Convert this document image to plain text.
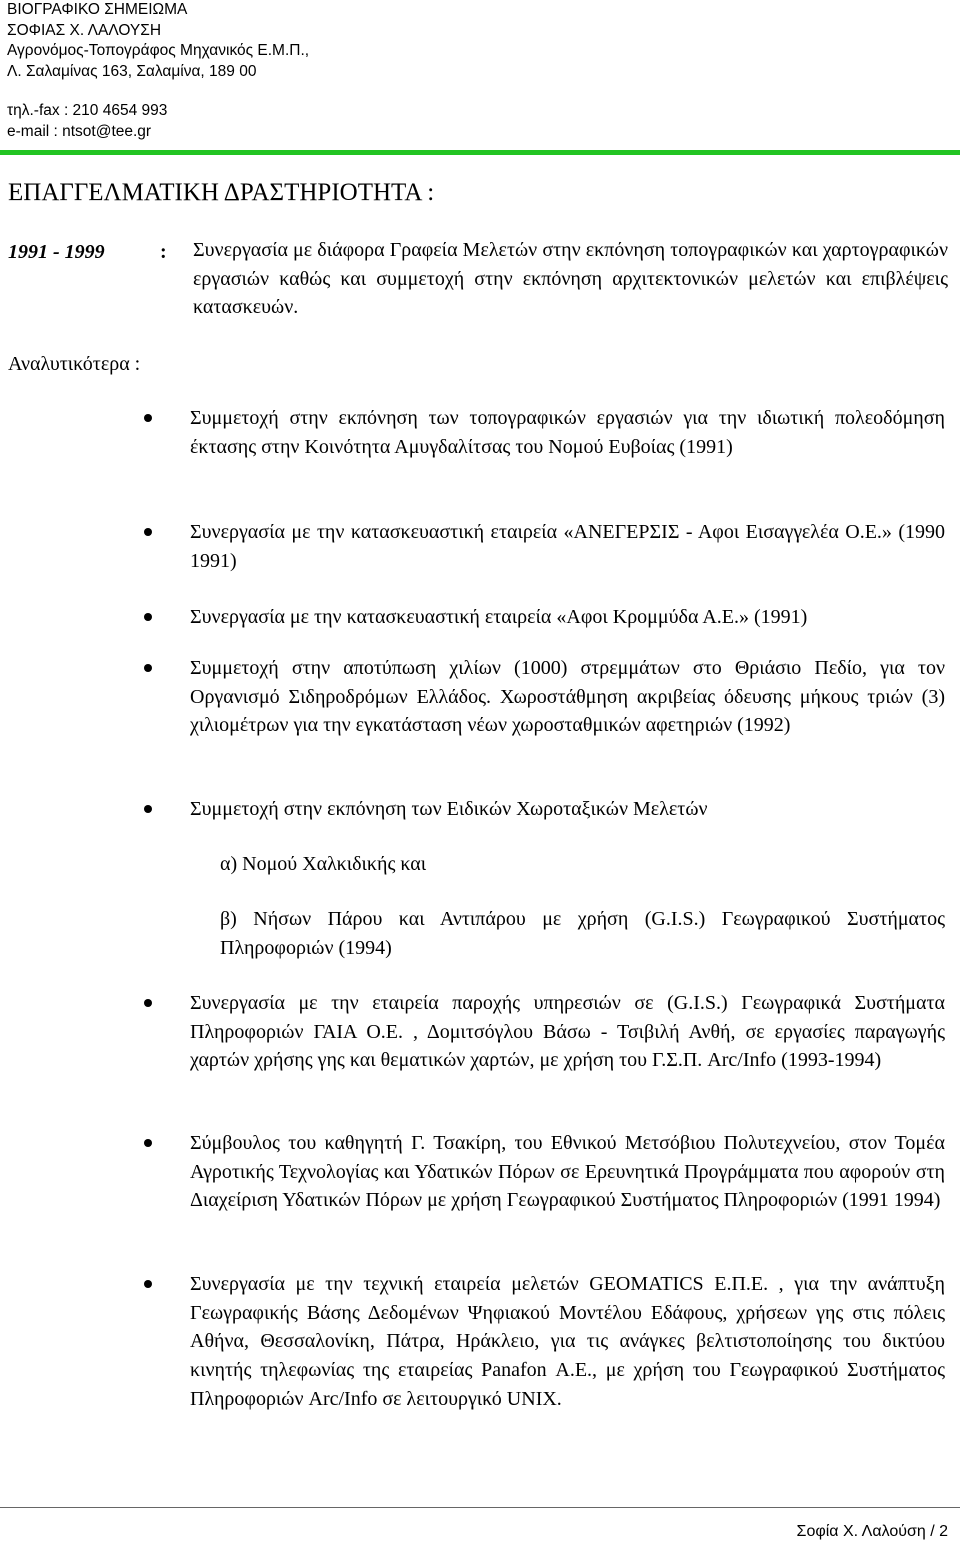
ΒΙΟΓΡΑΦΙΚΟ ΣΗΜΕΙΩΜΑ
ΣΟΦΙΑΣ Χ. ΛΑΛΟΥΣΗ
Αγρονόμος-Τοπογράφος Μηχανικός Ε.Μ.Π.,
Λ. Σαλαμίνας 163, Σαλαμίνα, 189 00
τηλ.-fax : 210 4654 993
e-mail : ntsot@tee.gr
ΕΠΑΓΓΕΛΜΑΤΙΚΗ ΔΡΑΣΤΗΡΙΟΤΗΤΑ :
1991 - 1999	: Συνεργασία με διάφορα Γραφεία Μελετών στην εκπόνηση τοπογραφικών και χαρτογραφικών εργασιών καθώς και συμμετοχή στην εκπόνηση αρχιτεκτονικών μελετών και επιβλέψεις κατασκευών.
Αναλυτικότερα :
Συμμετοχή στην εκπόνηση των τοπογραφικών εργασιών για την ιδιωτική πολεοδόμηση έκτασης στην Κοινότητα Αμυγδαλίτσας του Νομού Ευβοίας (1991)
Συνεργασία με την κατασκευαστική εταιρεία «ΑΝΕΓΕΡΣΙΣ - Αφοι Εισαγγελέα Ο.Ε.» (1990 1991)
Συνεργασία με την κατασκευαστική εταιρεία «Αφοι Κρομμύδα Α.Ε.» (1991)
Συμμετοχή στην αποτύπωση χιλίων (1000) στρεμμάτων στο Θριάσιο Πεδίο, για τον Οργανισμό Σιδηροδρόμων Ελλάδος. Χωροστάθμηση ακριβείας όδευσης μήκους τριών (3) χιλιομέτρων για την εγκατάσταση νέων χωροσταθμικών αφετηριών (1992)
Συμμετοχή στην εκπόνηση των Ειδικών Χωροταξικών Μελετών
α) Νομού Χαλκιδικής και
β) Νήσων Πάρου και Αντιπάρου με χρήση (G.I.S.) Γεωγραφικού Συστήματος Πληροφοριών (1994)
Συνεργασία με την εταιρεία παροχής υπηρεσιών σε (G.I.S.) Γεωγραφικά Συστήματα Πληροφοριών ΓΑΙΑ Ο.Ε. , Δομιτσόγλου Βάσω - Τσιβιλή Ανθή, σε εργασίες παραγωγής χαρτών χρήσης γης και θεματικών χαρτών, με χρήση του Γ.Σ.Π. Arc/Info (1993-1994)
Σύμβουλος του καθηγητή Γ. Τσακίρη, του Εθνικού Μετσόβιου Πολυτεχνείου, στον Τομέα Αγροτικής Τεχνολογίας και Υδατικών Πόρων σε Ερευνητικά Προγράμματα που αφορούν στη Διαχείριση Υδατικών Πόρων με χρήση Γεωγραφικού Συστήματος Πληροφοριών (1991 1994)
Συνεργασία με την τεχνική εταιρεία μελετών GEOMATICS Ε.Π.Ε. , για την ανάπτυξη Γεωγραφικής Βάσης Δεδομένων Ψηφιακού Μοντέλου Εδάφους, χρήσεων γης στις πόλεις Αθήνα, Θεσσαλονίκη, Πάτρα, Ηράκλειο, για τις ανάγκες βελτιστοποίησης του δικτύου κινητής τηλεφωνίας της εταιρείας Panafon Α.Ε., με χρήση του Γεωγραφικού Συστήματος Πληροφοριών Arc/Info σε λειτουργικό UNIX.
Σοφία Χ. Λαλούση / 2
